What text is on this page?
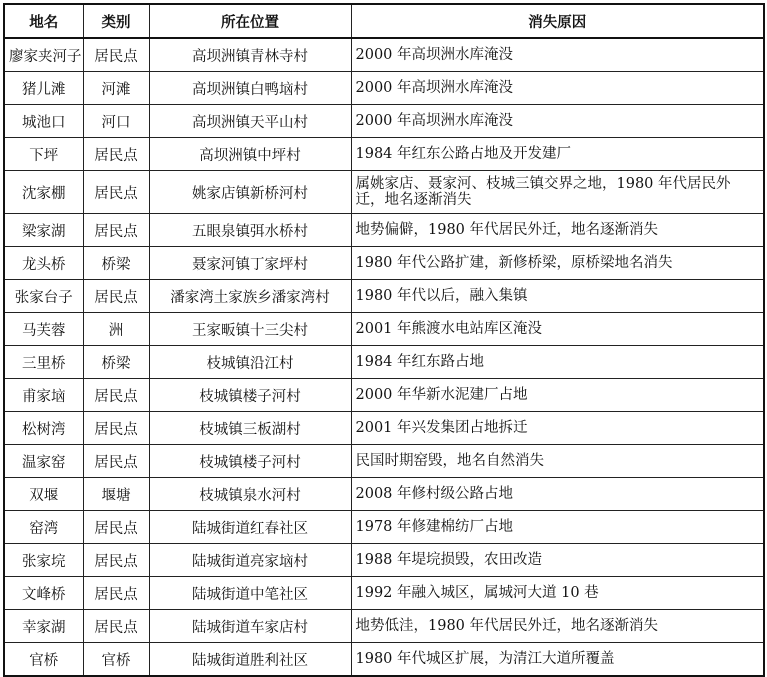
地名	类别	所在位置	消失原因
廖家夹河子	居民点	高坝洲镇青林寺村	2000 年高坝洲水库淹没
猪儿滩	河滩	高坝洲镇白鸭垴村	2000 年高坝洲水库淹没
城池口	河口	高坝洲镇天平山村	2000 年高坝洲水库淹没
下坪	居民点	高坝洲镇中坪村	1984 年红东公路占地及开发建厂
沈家棚	居民点	姚家店镇新桥河村	属姚家店、聂家河、枝城三镇交界之地，1980 年代居民外迁，地名逐渐消失
梁家湖	居民点	五眼泉镇弭水桥村	地势偏僻，1980 年代居民外迁，地名逐渐消失
龙头桥	桥梁	聂家河镇丁家坪村	1980 年代公路扩建，新修桥梁，原桥梁地名消失
张家台子	居民点	潘家湾土家族乡潘家湾村	1980 年代以后，融入集镇
马芙蓉	洲	王家畈镇十三尖村	2001 年熊渡水电站库区淹没
三里桥	桥梁	枝城镇沿江村	1984 年红东路占地
甫家垴	居民点	枝城镇楼子河村	2000 年华新水泥建厂占地
松树湾	居民点	枝城镇三板湖村	2001 年兴发集团占地拆迁
温家窑	居民点	枝城镇楼子河村	民国时期窑毁，地名自然消失
双堰	堰塘	枝城镇泉水河村	2008 年修村级公路占地
窑湾	居民点	陆城街道红春社区	1978 年修建棉纺厂占地
张家垸	居民点	陆城街道亮家垴村	1988 年堤垸损毁，农田改造
文峰桥	居民点	陆城街道中笔社区	1992 年融入城区，属城河大道 10 巷
幸家湖	居民点	陆城街道车家店村	地势低洼，1980 年代居民外迁，地名逐渐消失
官桥	官桥	陆城街道胜利社区	1980 年代城区扩展，为清江大道所覆盖
